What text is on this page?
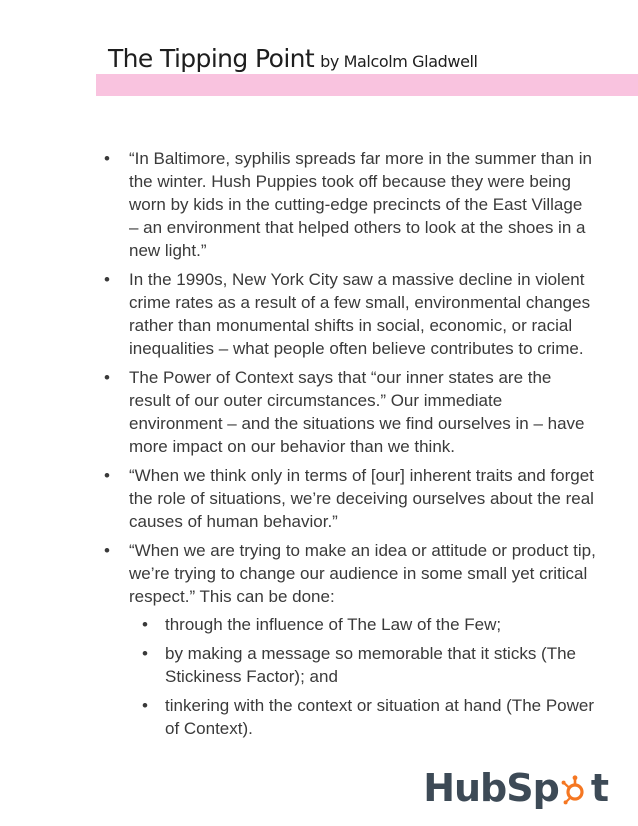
The Tipping Point by Malcolm Gladwell
• “In Baltimore, syphilis spreads far more in the summer than in the winter. Hush Puppies took off because they were being worn by kids in the cutting-edge precincts of the East Village – an environment that helped others to look at the shoes in a new light.”
• In the 1990s, New York City saw a massive decline in violent crime rates as a result of a few small, environmental changes rather than monumental shifts in social, economic, or racial inequalities – what people often believe contributes to crime.
• The Power of Context says that “our inner states are the result of our outer circumstances.” Our immediate environment – and the situations we find ourselves in – have more impact on our behavior than we think.
• “When we think only in terms of [our] inherent traits and forget the role of situations, we’re deceiving ourselves about the real causes of human behavior.”
• “When we are trying to make an idea or attitude or product tip, we’re trying to change our audience in some small yet critical respect.” This can be done:
• through the influence of The Law of the Few;
• by making a message so memorable that it sticks (The Stickiness Factor); and
• tinkering with the context or situation at hand (The Power of Context).
HubSp t
